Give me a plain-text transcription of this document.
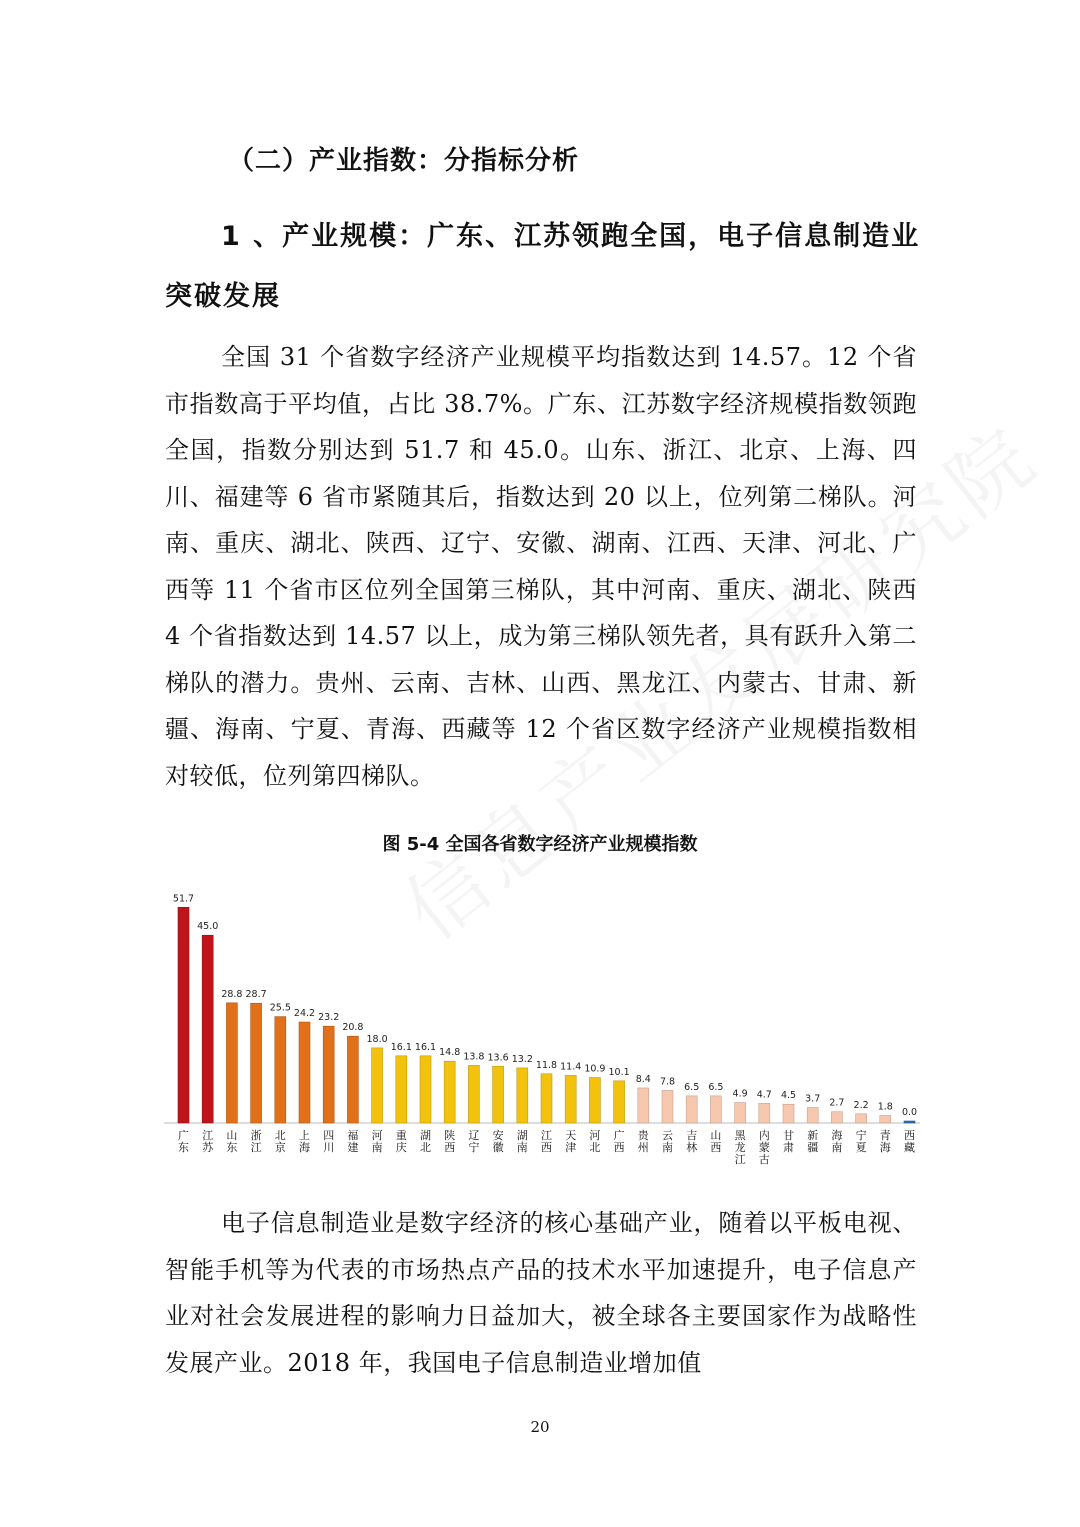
（二）产业指数：分指标分析
1 、产业规模：广东、江苏领跑全国，电子信息制造业突破发展
全国 31 个省数字经济产业规模平均指数达到 14.57。12 个省市指数高于平均值，占比 38.7%。广东、江苏数字经济规模指数领跑全国，指数分别达到 51.7 和 45.0。山东、浙江、北京、上海、四川、福建等 6 省市紧随其后，指数达到 20 以上，位列第二梯队。河南、重庆、湖北、陕西、辽宁、安徽、湖南、江西、天津、河北、广西等 11 个省市区位列全国第三梯队，其中河南、重庆、湖北、陕西 4 个省指数达到 14.57 以上，成为第三梯队领先者，具有跃升入第二梯队的潜力。贵州、云南、吉林、山西、黑龙江、内蒙古、甘肃、新疆、海南、宁夏、青海、西藏等 12 个省区数字经济产业规模指数相对较低，位列第四梯队。
图 5-4 全国各省数字经济产业规模指数
51.7
广东
45.0
江苏
28.8
山东
28.7
浙江
25.5
北京
24.2
上海
23.2
四川
20.8
福建
18.0
河南
16.1
重庆
16.1
湖北
14.8
陕西
13.8
辽宁
13.6
安徽
13.2
湖南
11.8
江西
11.4
天津
10.9
河北
10.1
广西
8.4
贵州
7.8
云南
6.5
吉林
6.5
山西
4.9
黑龙江
4.7
内蒙古
4.5
甘肃
3.7
新疆
2.7
海南
2.2
宁夏
1.8
青海
0.0
西藏
电子信息制造业是数字经济的核心基础产业，随着以平板电视、智能手机等为代表的市场热点产品的技术水平加速提升，电子信息产业对社会发展进程的影响力日益加大，被全球各主要国家作为战略性发展产业。2018 年，我国电子信息制造业增加值
20
